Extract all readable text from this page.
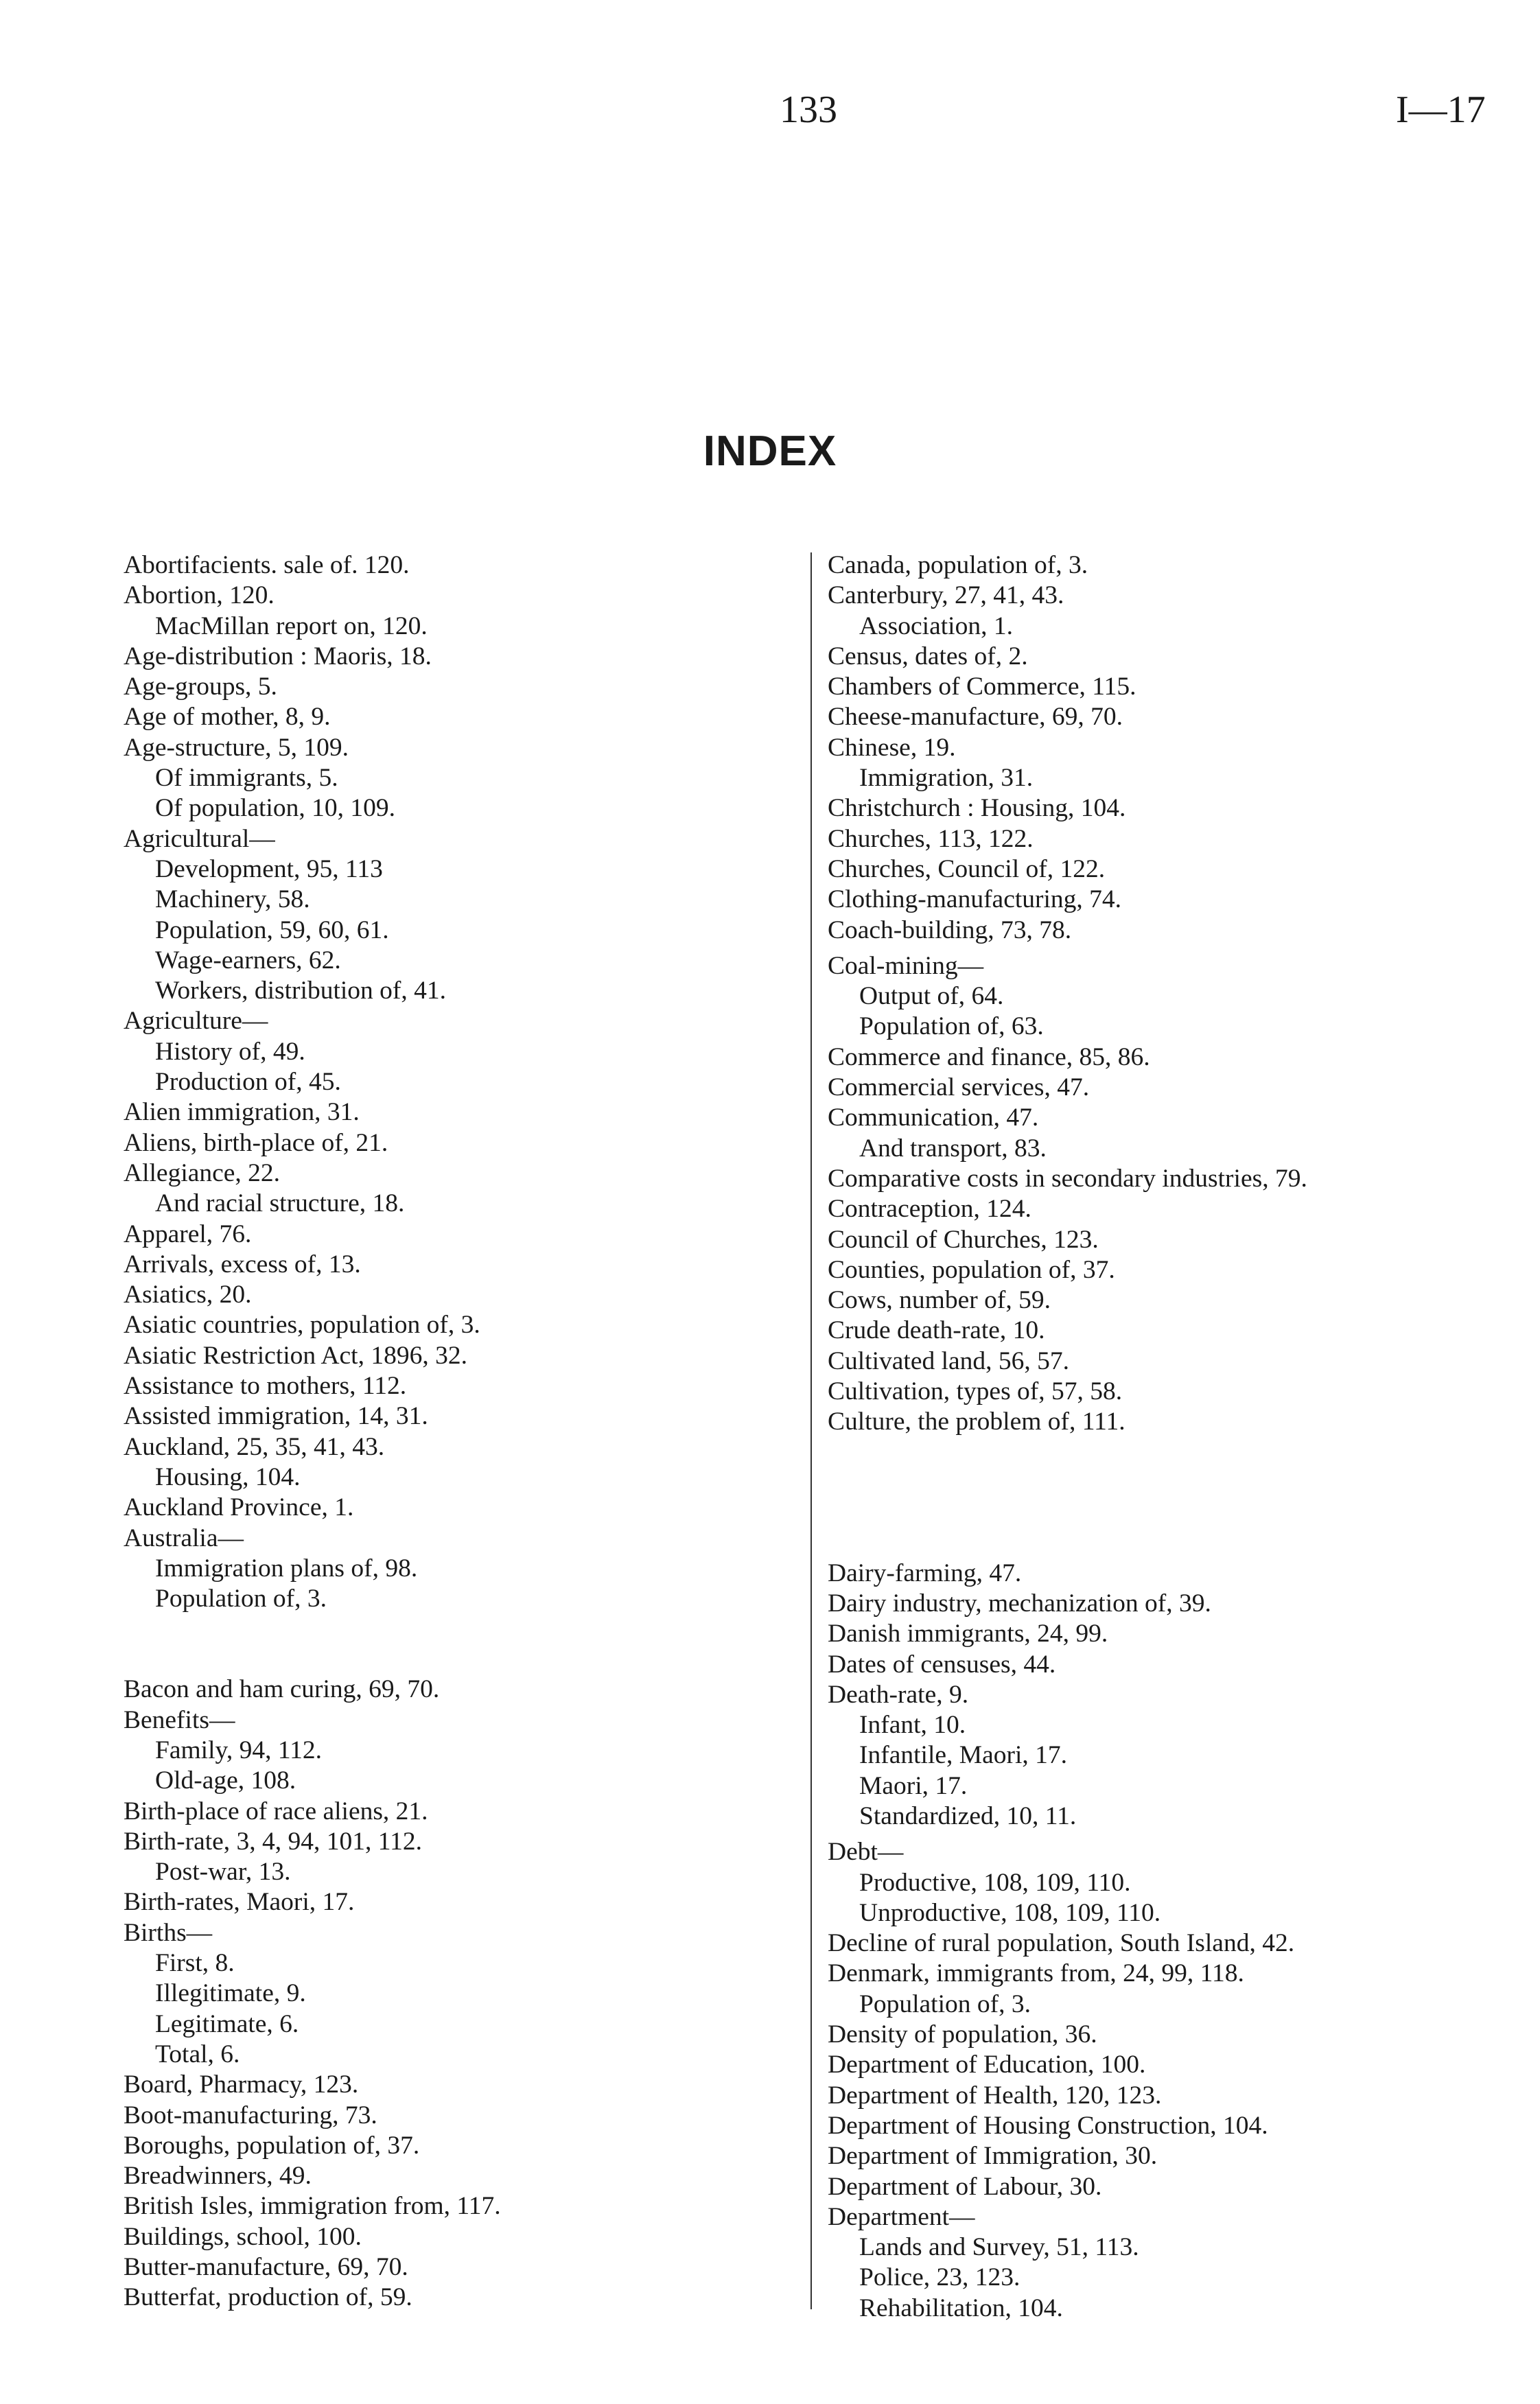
133	I—17
INDEX
Abortifacients. sale of. 120.
Abortion, 120.
MacMillan report on, 120.
Age-distribution : Maoris, 18.
Age-groups, 5.
Age of mother, 8, 9.
Age-structure, 5, 109.
Of immigrants, 5.
Of population, 10, 109.
Agricultural—
Development, 95, 113
Machinery, 58.
Population, 59, 60, 61.
Wage-earners, 62.
Workers, distribution of, 41.
Agriculture—
History of, 49.
Production of, 45.
Alien immigration, 31.
Aliens, birth-place of, 21.
Allegiance, 22.
And racial structure, 18.
Apparel, 76.
Arrivals, excess of, 13.
Asiatics, 20.
Asiatic countries, population of, 3.
Asiatic Restriction Act, 1896, 32.
Assistance to mothers, 112.
Assisted immigration, 14, 31.
Auckland, 25, 35, 41, 43.
Housing, 104.
Auckland Province, 1.
Australia—
Immigration plans of, 98.
Population of, 3.
Bacon and ham curing, 69, 70.
Benefits—
Family, 94, 112.
Old-age, 108.
Birth-place of race aliens, 21.
Birth-rate, 3, 4, 94, 101, 112.
Post-war, 13.
Birth-rates, Maori, 17.
Births—
First, 8.
Illegitimate, 9.
Legitimate, 6.
Total, 6.
Board, Pharmacy, 123.
Boot-manufacturing, 73.
Boroughs, population of, 37.
Breadwinners, 49.
British Isles, immigration from, 117.
Buildings, school, 100.
Butter-manufacture, 69, 70.
Butterfat, production of, 59.
Canada, population of, 3.
Canterbury, 27, 41, 43.
Association, 1.
Census, dates of, 2.
Chambers of Commerce, 115.
Cheese-manufacture, 69, 70.
Chinese, 19.
Immigration, 31.
Christchurch : Housing, 104.
Churches, 113, 122.
Churches, Council of, 122.
Clothing-manufacturing, 74.
Coach-building, 73, 78.
Coal-mining—
Output of, 64.
Population of, 63.
Commerce and finance, 85, 86.
Commercial services, 47.
Communication, 47.
And transport, 83.
Comparative costs in secondary industries, 79.
Contraception, 124.
Council of Churches, 123.
Counties, population of, 37.
Cows, number of, 59.
Crude death-rate, 10.
Cultivated land, 56, 57.
Cultivation, types of, 57, 58.
Culture, the problem of, 111.
Dairy-farming, 47.
Dairy industry, mechanization of, 39.
Danish immigrants, 24, 99.
Dates of censuses, 44.
Death-rate, 9.
Infant, 10.
Infantile, Maori, 17.
Maori, 17.
Standardized, 10, 11.
Debt—
Productive, 108, 109, 110.
Unproductive, 108, 109, 110.
Decline of rural population, South Island, 42.
Denmark, immigrants from, 24, 99, 118.
Population of, 3.
Density of population, 36.
Department of Education, 100.
Department of Health, 120, 123.
Department of Housing Construction, 104.
Department of Immigration, 30.
Department of Labour, 30.
Department—
Lands and Survey, 51, 113.
Police, 23, 123.
Rehabilitation, 104.
